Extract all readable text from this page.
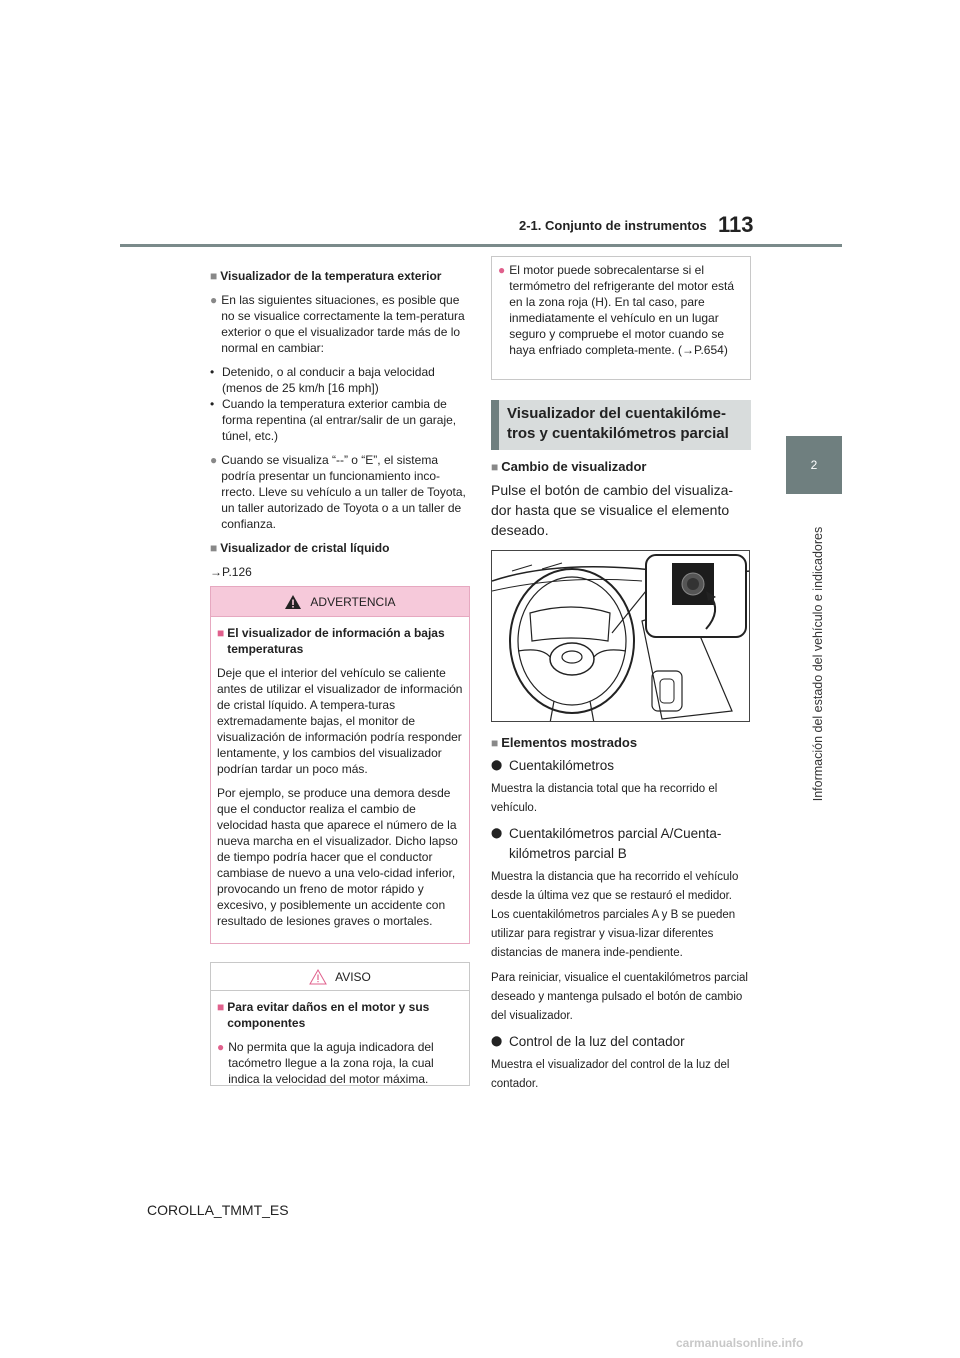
2-1. Conjunto de instrumentos 113
2
Información del estado del vehículo e indicadores
■ Visualizador de la temperatura exterior
● En las siguientes situaciones, es posible que no se visualice correctamente la tem-peratura exterior o que el visualizador tarde más de lo normal en cambiar:
• Detenido, o al conducir a baja velocidad (menos de 25 km/h [16 mph])
• Cuando la temperatura exterior cambia de forma repentina (al entrar/salir de un garaje, túnel, etc.)
● Cuando se visualiza “--” o “E”, el sistema podría presentar un funcionamiento inco-rrecto. Lleve su vehículo a un taller de Toyota, un taller autorizado de Toyota o a un taller de confianza.
■ Visualizador de cristal líquido
→P.126
ADVERTENCIA
■ El visualizador de información a bajas temperaturas
Deje que el interior del vehículo se caliente antes de utilizar el visualizador de información de cristal líquido. A tempera-turas extremadamente bajas, el monitor de visualización de información podría responder lentamente, y los cambios del visualizador podrían tardar un poco más.
Por ejemplo, se produce una demora desde que el conductor realiza el cambio de velocidad hasta que aparece el número de la nueva marcha en el visualizador. Dicho lapso de tiempo podría hacer que el conductor cambiase de nuevo a una velo-cidad inferior, provocando un freno de motor rápido y excesivo, y posiblemente un accidente con resultado de lesiones graves o mortales.
AVISO
■ Para evitar daños en el motor y sus componentes
● No permita que la aguja indicadora del tacómetro llegue a la zona roja, la cual indica la velocidad del motor máxima.
● El motor puede sobrecalentarse si el termómetro del refrigerante del motor está en la zona roja (H). En tal caso, pare inmediatamente el vehículo en un lugar seguro y compruebe el motor cuando se haya enfriado completa-mente. (→P.654)
Visualizador del cuentakilóme-tros y cuentakilómetros parcial
■ Cambio de visualizador
Pulse el botón de cambio del visualiza-dor hasta que se visualice el elemento deseado.
■ Elementos mostrados
⬤ Cuentakilómetros
Muestra la distancia total que ha recorrido el vehículo.
⬤ Cuentakilómetros parcial A/Cuenta-kilómetros parcial B
Muestra la distancia que ha recorrido el vehículo desde la última vez que se restauró el medidor. Los cuentakilómetros parciales A y B se pueden utilizar para registrar y visua-lizar diferentes distancias de manera inde-pendiente.
Para reiniciar, visualice el cuentakilómetros parcial deseado y mantenga pulsado el botón de cambio del visualizador.
⬤ Control de la luz del contador
Muestra el visualizador del control de la luz del contador.
COROLLA_TMMT_ES
carmanualsonline.info
